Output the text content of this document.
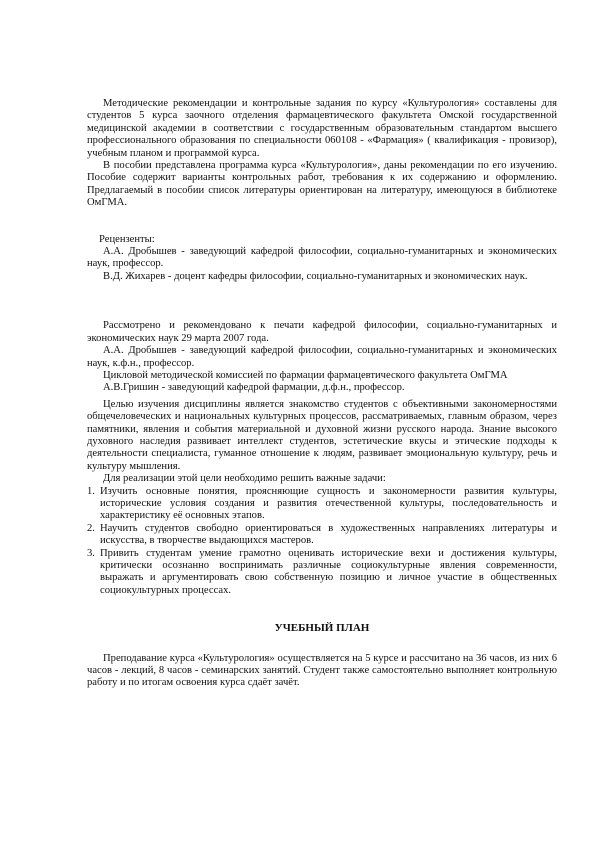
Методические рекомендации и контрольные задания по курсу «Культурология» составлены для студентов 5 курса заочного отделения фармацевтического факультета Омской государственной медицинской академии в соответствии с государственным образовательным стандартом высшего профессионального образования по специальности 060108 - «Фармация» ( квалификация - провизор), учебным планом и программой курса.

В пособии представлена программа курса «Культурология», даны рекомендации по его изучению. Пособие содержит варианты контрольных работ, требования к их содержанию и оформлению. Предлагаемый в пособии список литературы ориентирован на литературу, имеющуюся в библиотеке ОмГМА.

Рецензенты:

А.А. Дробышев - заведующий кафедрой философии, социально-гуманитарных и экономических наук, профессор.

В.Д. Жихарев - доцент кафедры философии, социально-гуманитарных и экономических наук.

Рассмотрено и рекомендовано к печати кафедрой философии, социально-гуманитарных и экономических наук 29 марта 2007 года.

А.А. Дробышев - заведующий кафедрой философии, социально-гуманитарных и экономических наук, к.ф.н., профессор.

Цикловой методической комиссией по фармации фармацевтического факультета ОмГМА

А.В.Гришин - заведующий кафедрой фармации, д.ф.н., профессор.

Целью изучения дисциплины является знакомство студентов с объективными закономерностями общечеловеческих и национальных культурных процессов, рассматриваемых, главным образом, через памятники, явления и события материальной и духовной жизни русского народа. Знание высокого духовного наследия развивает интеллект студентов, эстетические вкусы и этические подходы к деятельности специалиста, гуманное отношение к людям, развивает эмоциональную культуру, речь и культуру мышления.

Для реализации этой цели необходимо решить важные задачи:

Изучить основные понятия, проясняющие сущность и закономерности развития культуры, исторические условия создания и развития отечественной культуры, последовательность и характеристику её основных этапов.
Научить студентов свободно ориентироваться в художественных направлениях литературы и искусства, в творчестве выдающихся мастеров.
Привить студентам умение грамотно оценивать исторические вехи и достижения культуры, критически осознанно воспринимать различные социокультурные явления современности, выражать и аргументировать свою собственную позицию и личное участие в общественных социокультурных процессах.
УЧЕБНЫЙ ПЛАН

Преподавание курса «Культурология» осуществляется на 5 курсе и рассчитано на 36 часов, из них 6 часов - лекций, 8 часов - семинарских занятий. Студент также самостоятельно выполняет контрольную работу и по итогам освоения курса сдаёт зачёт.
